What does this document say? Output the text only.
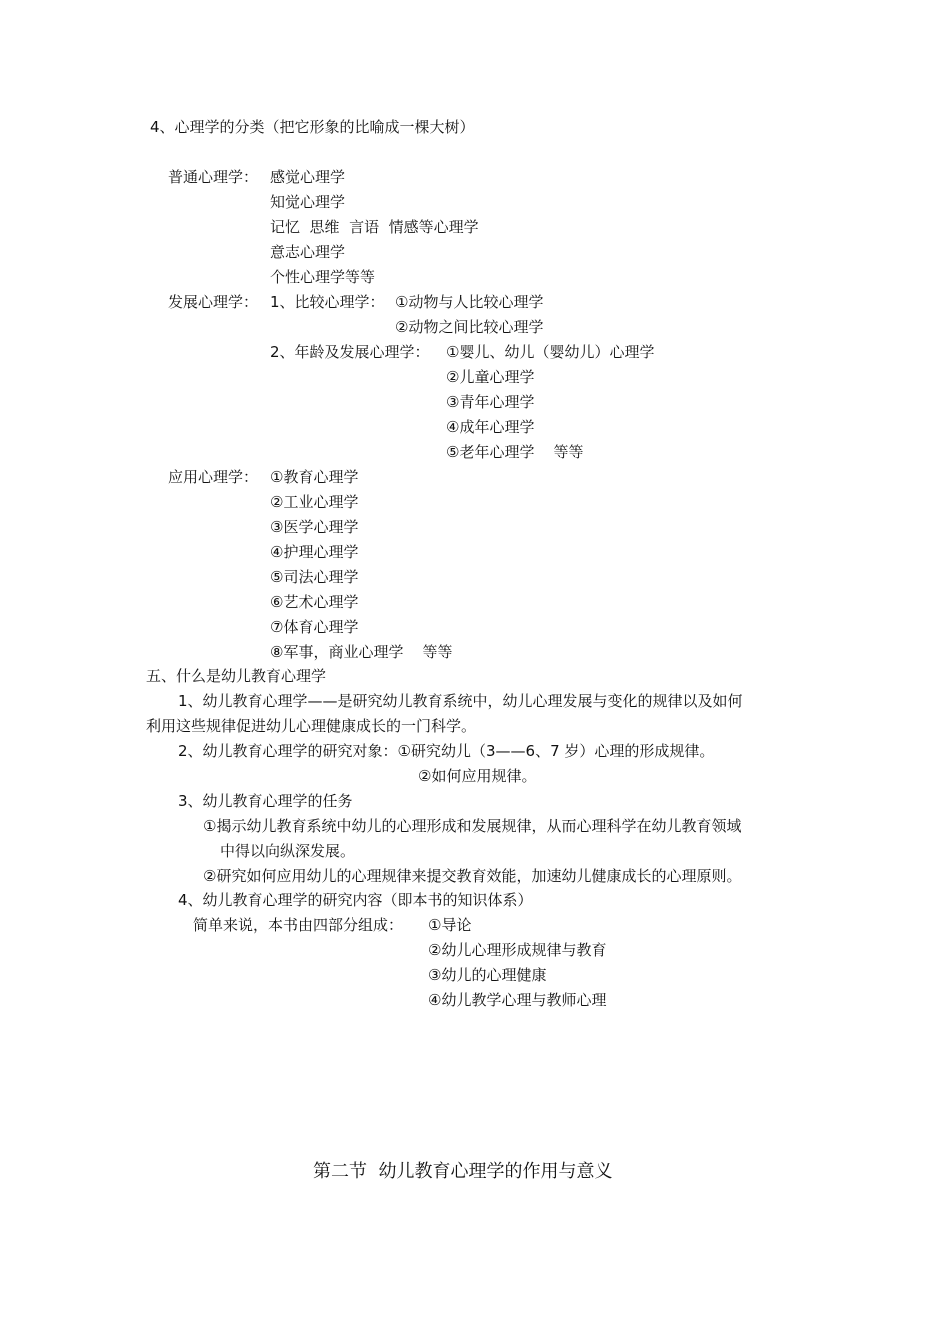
4、心理学的分类（把它形象的比喻成一棵大树）
普通心理学： 感觉心理学
知觉心理学
记忆  思维  言语  情感等心理学
意志心理学
个性心理学等等
发展心理学： 1、比较心理学： ①动物与人比较心理学
②动物之间比较心理学
2、年龄及发展心理学： ①婴儿、幼儿（婴幼儿）心理学
②儿童心理学
③青年心理学
④成年心理学
⑤老年心理学    等等
应用心理学： ①教育心理学
②工业心理学
③医学心理学
④护理心理学
⑤司法心理学
⑥艺术心理学
⑦体育心理学
⑧军事，商业心理学    等等
五、什么是幼儿教育心理学
1、幼儿教育心理学——是研究幼儿教育系统中，幼儿心理发展与变化的规律以及如何
利用这些规律促进幼儿心理健康成长的一门科学。
2、幼儿教育心理学的研究对象：①研究幼儿（3——6、7 岁）心理的形成规律。
②如何应用规律。
3、幼儿教育心理学的任务
①揭示幼儿教育系统中幼儿的心理形成和发展规律，从而心理科学在幼儿教育领域
中得以向纵深发展。
②研究如何应用幼儿的心理规律来提交教育效能，加速幼儿健康成长的心理原则。
4、幼儿教育心理学的研究内容（即本书的知识体系）
简单来说，本书由四部分组成： ①导论
②幼儿心理形成规律与教育
③幼儿的心理健康
④幼儿教学心理与教师心理
第二节  幼儿教育心理学的作用与意义
